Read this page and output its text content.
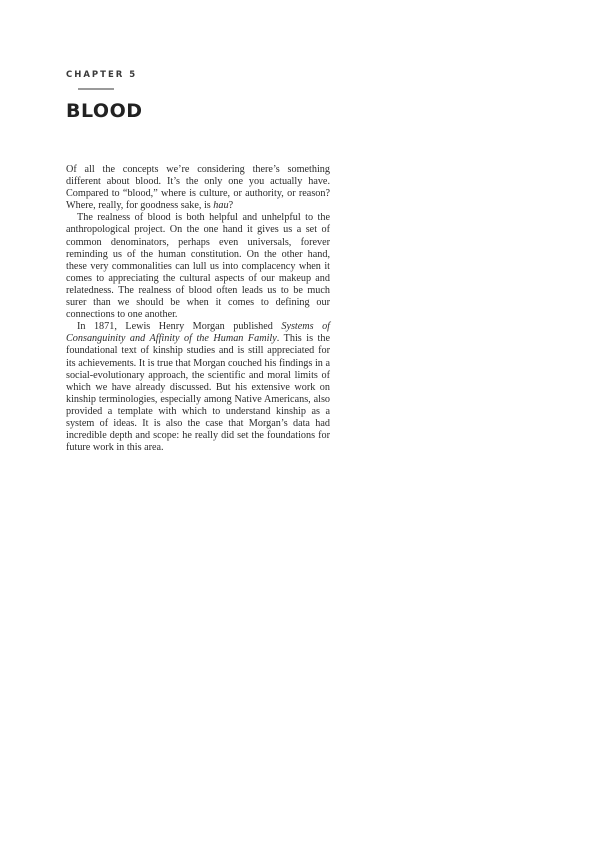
CHAPTER 5
BLOOD

Of all the concepts we’re considering there’s something different about blood. It’s the only one you actually have. Compared to “blood,” where is culture, or authority, or reason? Where, really, for goodness sake, is hau?

The realness of blood is both helpful and unhelpful to the anthropological project. On the one hand it gives us a set of common denominators, perhaps even universals, forever reminding us of the human constitution. On the other hand, these very commonalities can lull us into complacency when it comes to appreciating the cultural aspects of our makeup and relatedness. The realness of blood often leads us to be much surer than we should be when it comes to defining our connections to one another.

In 1871, Lewis Henry Morgan published Systems of Consanguinity and Affinity of the Human Family. This is the foundational text of kinship studies and is still appreciated for its achievements. It is true that Morgan couched his findings in a social-evolutionary approach, the scientific and moral limits of which we have already discussed. But his extensive work on kinship terminologies, especially among Native Americans, also provided a template with which to understand kinship as a system of ideas. It is also the case that Morgan’s data had incredible depth and scope: he really did set the foundations for future work in this area.
